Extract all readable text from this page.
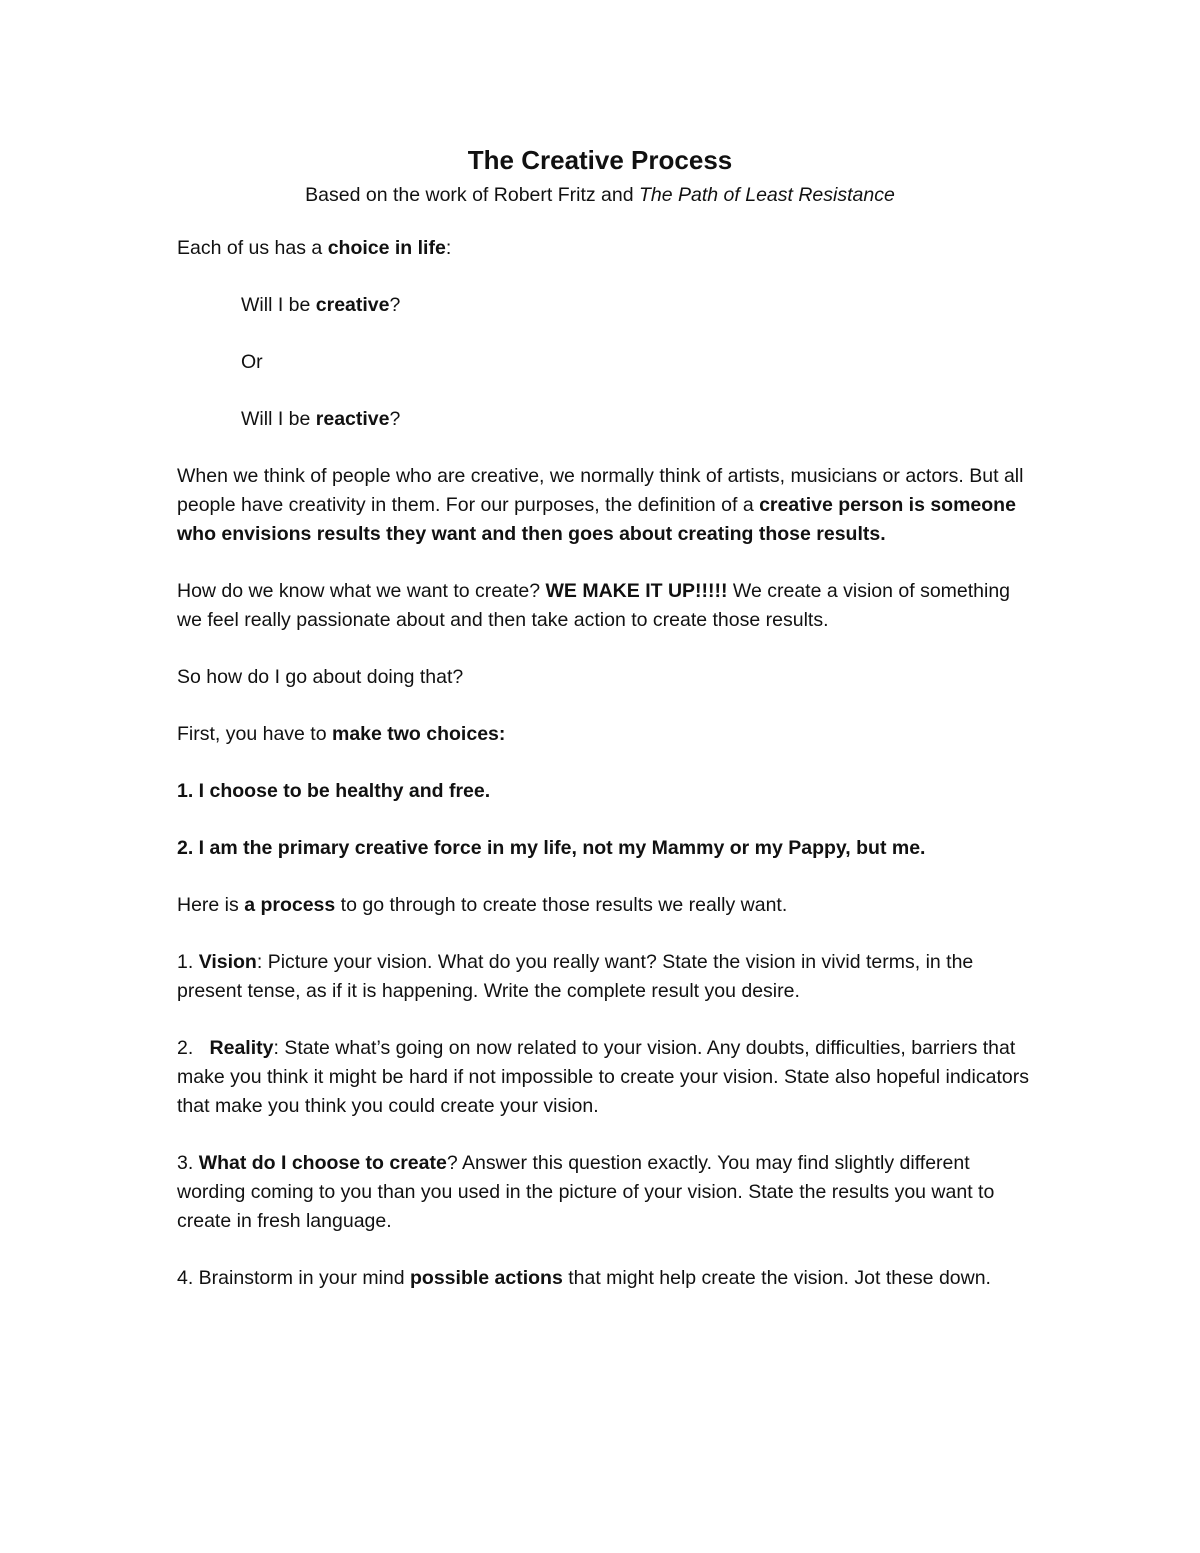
The Creative Process
Based on the work of Robert Fritz and The Path of Least Resistance

Each of us has a choice in life:

Will I be creative?

Or

Will I be reactive?

When we think of people who are creative, we normally think of artists, musicians or actors. But all people have creativity in them. For our purposes, the definition of a creative person is someone who envisions results they want and then goes about creating those results.

How do we know what we want to create? WE MAKE IT UP!!!!! We create a vision of something we feel really passionate about and then take action to create those results.

So how do I go about doing that?

First, you have to make two choices:

1. I choose to be healthy and free.

2. I am the primary creative force in my life, not my Mammy or my Pappy, but me.

Here is a process to go through to create those results we really want.

1. Vision: Picture your vision. What do you really want? State the vision in vivid terms, in the present tense, as if it is happening. Write the complete result you desire.

2.   Reality: State what’s going on now related to your vision. Any doubts, difficulties, barriers that make you think it might be hard if not impossible to create your vision. State also hopeful indicators that make you think you could create your vision.

3. What do I choose to create? Answer this question exactly. You may find slightly different wording coming to you than you used in the picture of your vision. State the results you want to create in fresh language.

4. Brainstorm in your mind possible actions that might help create the vision. Jot these down.
